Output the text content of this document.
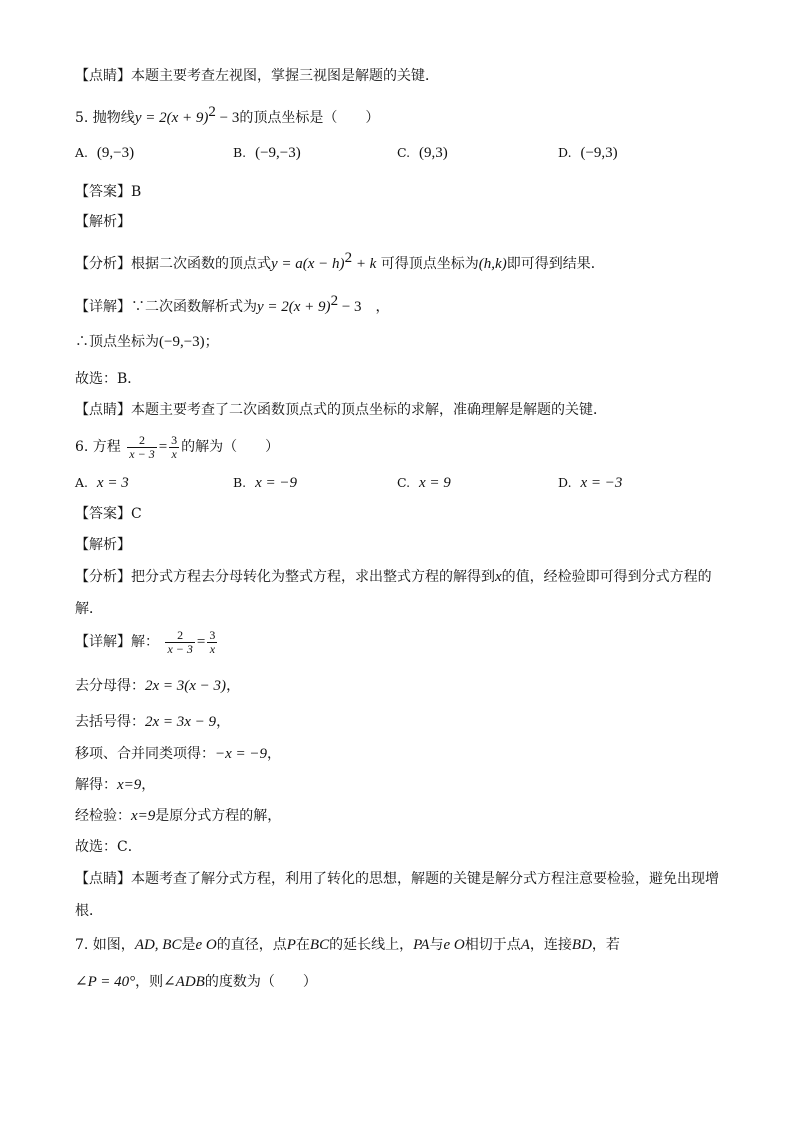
【点睛】本题主要考查左视图，掌握三视图是解题的关键．
5. 抛物线$y = 2(x + 9)^2 - 3$的顶点坐标是（　　）
A. (9,−3)	B. (−9,−3)	C. (9,3)	D. (−9,3)
【答案】B
【解析】
【分析】根据二次函数的顶点式$y = a(x - h)^2 + k$ 可得顶点坐标为(h,k)即可得到结果．
【详解】∵二次函数解析式为$y = 2(x + 9)^2 - 3$　，
∴顶点坐标为(−9,−3)；
故选：B．
【点睛】本题主要考查了二次函数顶点式的顶点坐标的求解，准确理解是解题的关键．
6. 方程 $\frac{2}{x - 3} = \frac{3}{x}$ 的解为（　　）
A. x = 3	B. x = −9	C. x = 9	D. x = −3
【答案】C
【解析】
【分析】把分式方程去分母转化为整式方程，求出整式方程的解得到x的值，经检验即可得到分式方程的
解．
【详解】解： $\frac{2}{x - 3} = \frac{3}{x}$
去分母得：2x = 3(x − 3)，
去括号得：2x = 3x − 9，
移项、合并同类项得：−x = −9，
解得：x=9，
经检验：x=9是原分式方程的解，
故选：C．
【点睛】本题考查了解分式方程，利用了转化的思想，解题的关键是解分式方程注意要检验，避免出现增
根．
7. 如图，AD, BC是e O的直径，点P在BC的延长线上，PA与e O相切于点A，连接BD，若
∠P = 40°，则∠ADB的度数为（　　）
